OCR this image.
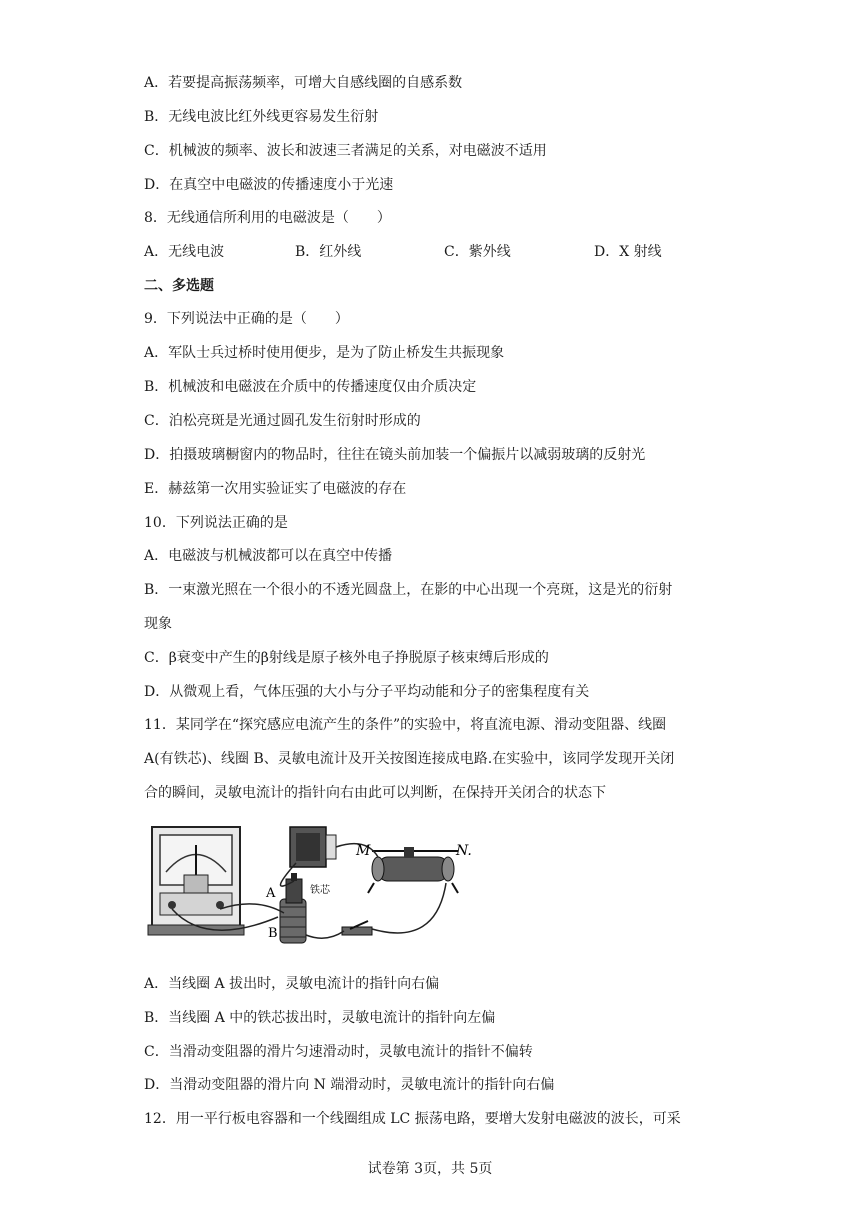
A．若要提高振荡频率，可增大自感线圈的自感系数
B．无线电波比红外线更容易发生衍射
C．机械波的频率、波长和波速三者满足的关系，对电磁波不适用
D．在真空中电磁波的传播速度小于光速
8．无线通信所利用的电磁波是（　　）
A．无线电波	B．红外线	C．紫外线	D．X 射线
二、多选题
9．下列说法中正确的是（　　）
A．军队士兵过桥时使用便步，是为了防止桥发生共振现象
B．机械波和电磁波在介质中的传播速度仅由介质决定
C．泊松亮斑是光通过圆孔发生衍射时形成的
D．拍摄玻璃橱窗内的物品时，往往在镜头前加装一个偏振片以减弱玻璃的反射光
E．赫兹第一次用实验证实了电磁波的存在
10．下列说法正确的是
A．电磁波与机械波都可以在真空中传播
B．一束激光照在一个很小的不透光圆盘上，在影的中心出现一个亮斑，这是光的衍射
现象
C．β衰变中产生的β射线是原子核外电子挣脱原子核束缚后形成的
D．从微观上看，气体压强的大小与分子平均动能和分子的密集程度有关
11．某同学在“探究感应电流产生的条件”的实验中，将直流电源、滑动变阻器、线圈
A(有铁芯)、线圈 B、灵敏电流计及开关按图连接成电路.在实验中，该同学发现开关闭
合的瞬间，灵敏电流计的指针向右由此可以判断，在保持开关闭合的状态下
M	N.
A
B
铁芯
A．当线圈 A 拔出时，灵敏电流计的指针向右偏
B．当线圈 A 中的铁芯拔出时，灵敏电流计的指针向左偏
C．当滑动变阻器的滑片匀速滑动时，灵敏电流计的指针不偏转
D．当滑动变阻器的滑片向 N 端滑动时，灵敏电流计的指针向右偏
12．用一平行板电容器和一个线圈组成 LC 振荡电路，要增大发射电磁波的波长，可采
试卷第 3页，共 5页
